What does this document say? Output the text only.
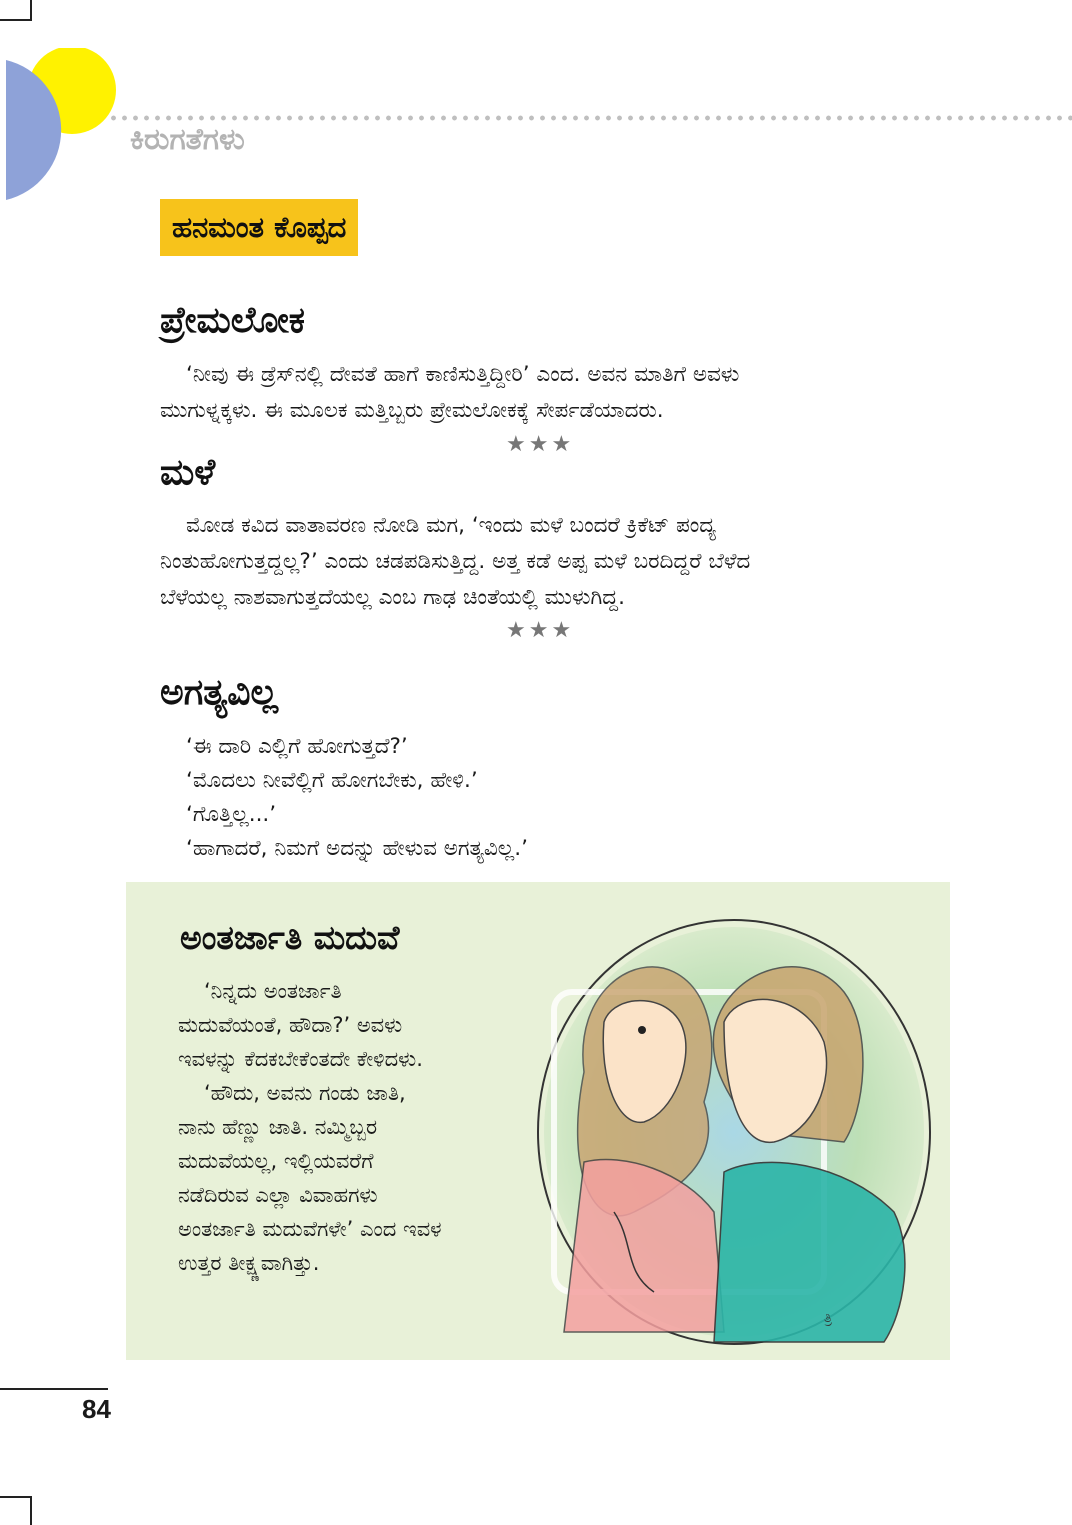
ಕಿರುಗತೆಗಳು
ಹನಮಂತ ಕೊಪ್ಪದ
ಪ್ರೇಮಲೋಕ
‘ನೀವು ಈ ಡ್ರೆಸ್‌ನಲ್ಲಿ ದೇವತೆ ಹಾಗೆ ಕಾಣಿಸುತ್ತಿದ್ದೀರಿ’ ಎಂದ. ಅವನ ಮಾತಿಗೆ ಅವಳು
ಮುಗುಳ್ನಕ್ಕಳು. ಈ ಮೂಲಕ ಮತ್ತಿಬ್ಬರು ಪ್ರೇಮಲೋಕಕ್ಕೆ ಸೇರ್ಪಡೆಯಾದರು.
★★★
ಮಳೆ
ಮೋಡ ಕವಿದ ವಾತಾವರಣ ನೋಡಿ ಮಗ, ‘ಇಂದು ಮಳೆ ಬಂದರೆ ಕ್ರಿಕೆಟ್ ಪಂದ್ಯ
ನಿಂತುಹೋಗುತ್ತದ್ದಲ್ಲ?’ ಎಂದು ಚಡಪಡಿಸುತ್ತಿದ್ದ. ಅತ್ತ ಕಡೆ ಅಪ್ಪ ಮಳೆ ಬರದಿದ್ದರೆ ಬೆಳೆದ
ಬೆಳೆಯಲ್ಲ ನಾಶವಾಗುತ್ತದೆಯಲ್ಲ ಎಂಬ ಗಾಢ ಚಿಂತೆಯಲ್ಲಿ ಮುಳುಗಿದ್ದ.
★★★
ಅಗತ್ಯವಿಲ್ಲ
‘ಈ ದಾರಿ ಎಲ್ಲಿಗೆ ಹೋಗುತ್ತದೆ?’
‘ಮೊದಲು ನೀವೆಲ್ಲಿಗೆ ಹೋಗಬೇಕು, ಹೇಳಿ.’
‘ಗೊತ್ತಿಲ್ಲ...’
‘ಹಾಗಾದರೆ, ನಿಮಗೆ ಅದನ್ನು ಹೇಳುವ ಅಗತ್ಯವಿಲ್ಲ.’
ಅಂತರ್ಜಾತಿ ಮದುವೆ
‘ನಿನ್ನದು ಅಂತರ್ಜಾತಿ
ಮದುವೆಯಂತೆ, ಹೌದಾ?’ ಅವಳು
ಇವಳನ್ನು ಕೆದಕಬೇಕೆಂತದೇ ಕೇಳಿದಳು.
‘ಹೌದು, ಅವನು ಗಂಡು ಜಾತಿ,
ನಾನು ಹೆಣ್ಣು ಜಾತಿ. ನಮ್ಮಿಬ್ಬರ
ಮದುವೆಯಲ್ಲ, ಇಲ್ಲಿಯವರೆಗೆ
ನಡೆದಿರುವ ಎಲ್ಲಾ ವಿವಾಹಗಳು
ಅಂತರ್ಜಾತಿ ಮದುವೆಗಳೇ’ ಎಂದ ಇವಳ
ಉತ್ತರ ತೀಕ್ಷ್ಣವಾಗಿತ್ತು.
ತ್ರಿ
84
